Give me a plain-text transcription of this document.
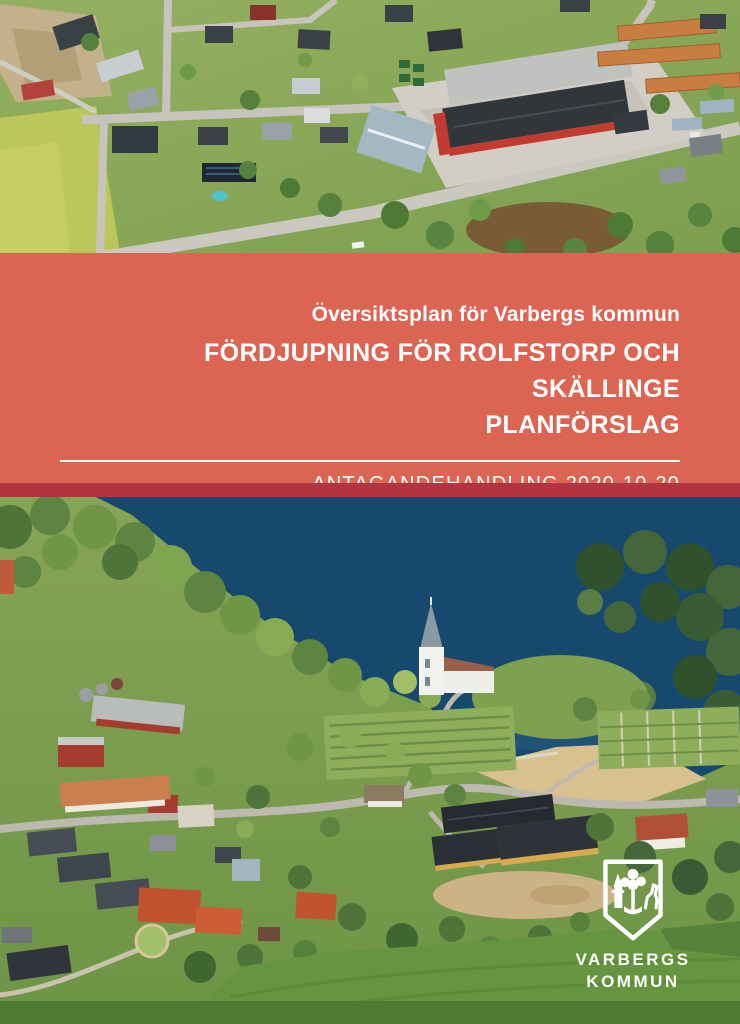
Översiktsplan för Varbergs kommun
FÖRDJUPNING FÖR ROLFSTORP OCH SKÄLLINGE
PLANFÖRSLAG
VARBERGS
KOMMUN
